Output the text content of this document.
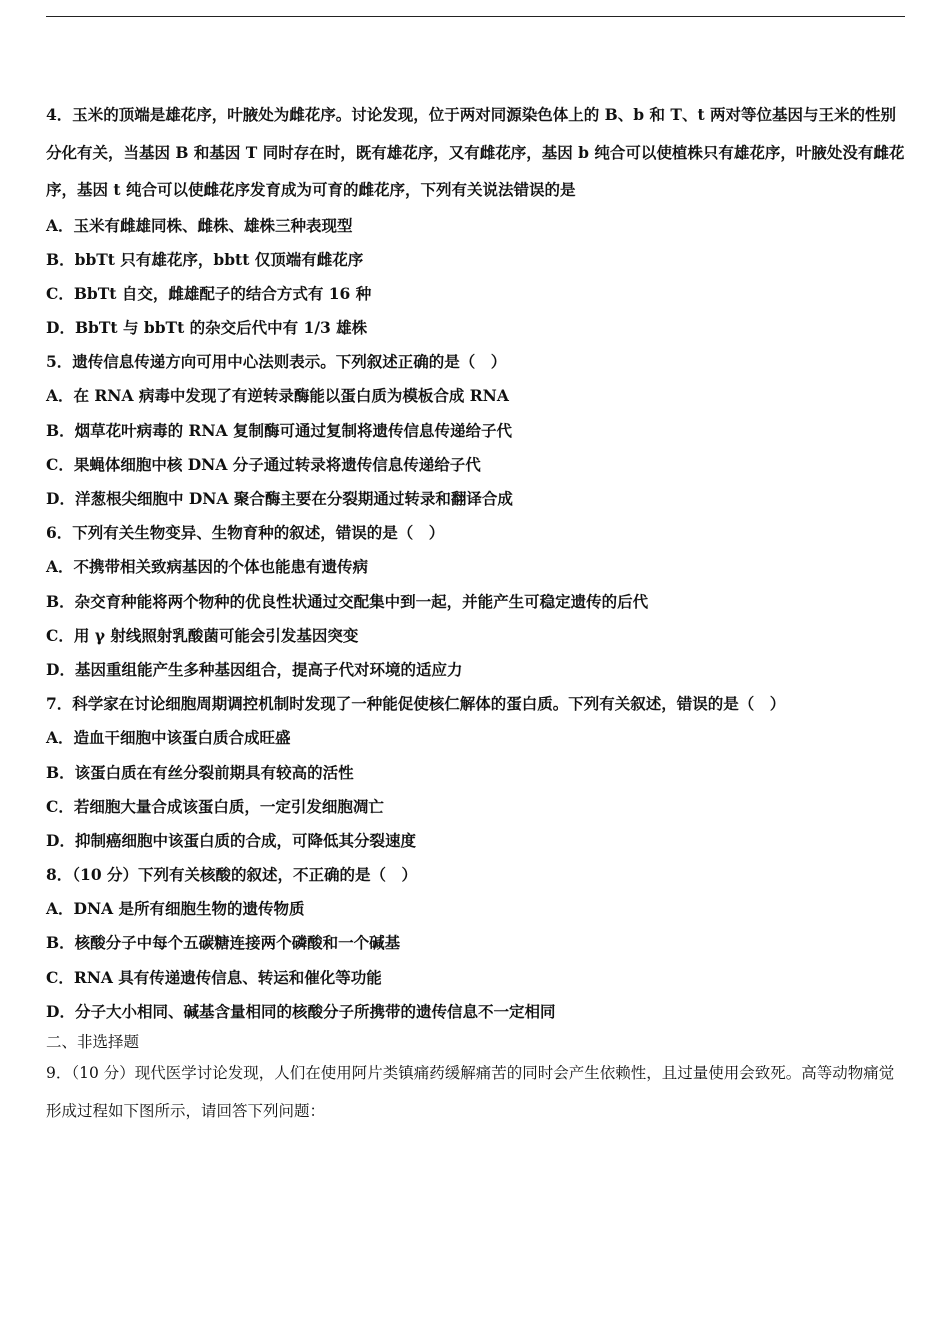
4．玉米的顶端是雄花序，叶腋处为雌花序。讨论发现，位于两对同源染色体上的 B、b 和 T、t 两对等位基因与王米的性别分化有关，当基因 B 和基因 T 同时存在时，既有雄花序，又有雌花序，基因 b 纯合可以使植株只有雄花序，叶腋处没有雌花序，基因 t 纯合可以使雌花序发育成为可育的雌花序，下列有关说法错误的是

A．玉米有雌雄同株、雌株、雄株三种表现型

B．bbTt 只有雄花序，bbtt 仅顶端有雌花序

C．BbTt 自交，雌雄配子的结合方式有 16 种

D．BbTt 与 bbTt 的杂交后代中有 1/3 雄株

5．遗传信息传递方向可用中心法则表示。下列叙述正确的是（　）

A．在 RNA 病毒中发现了有逆转录酶能以蛋白质为模板合成 RNA

B．烟草花叶病毒的 RNA 复制酶可通过复制将遗传信息传递给子代

C．果蝇体细胞中核 DNA 分子通过转录将遗传信息传递给子代

D．洋葱根尖细胞中 DNA 聚合酶主要在分裂期通过转录和翻译合成

6．下列有关生物变异、生物育种的叙述，错误的是（　）

A．不携带相关致病基因的个体也能患有遗传病

B．杂交育种能将两个物种的优良性状通过交配集中到一起，并能产生可稳定遗传的后代

C．用 γ 射线照射乳酸菌可能会引发基因突变

D．基因重组能产生多种基因组合，提高子代对环境的适应力

7．科学家在讨论细胞周期调控机制时发现了一种能促使核仁解体的蛋白质。下列有关叙述，错误的是（　）

A．造血干细胞中该蛋白质合成旺盛

B．该蛋白质在有丝分裂前期具有较高的活性

C．若细胞大量合成该蛋白质，一定引发细胞凋亡

D．抑制癌细胞中该蛋白质的合成，可降低其分裂速度

8．（10 分）下列有关核酸的叙述，不正确的是（　）

A．DNA 是所有细胞生物的遗传物质

B．核酸分子中每个五碳糖连接两个磷酸和一个碱基

C．RNA 具有传递遗传信息、转运和催化等功能

D．分子大小相同、碱基含量相同的核酸分子所携带的遗传信息不一定相同

二、非选择题

9．（10 分）现代医学讨论发现，人们在使用阿片类镇痛药缓解痛苦的同时会产生依赖性，且过量使用会致死。高等动物痛觉形成过程如下图所示，请回答下列问题：
